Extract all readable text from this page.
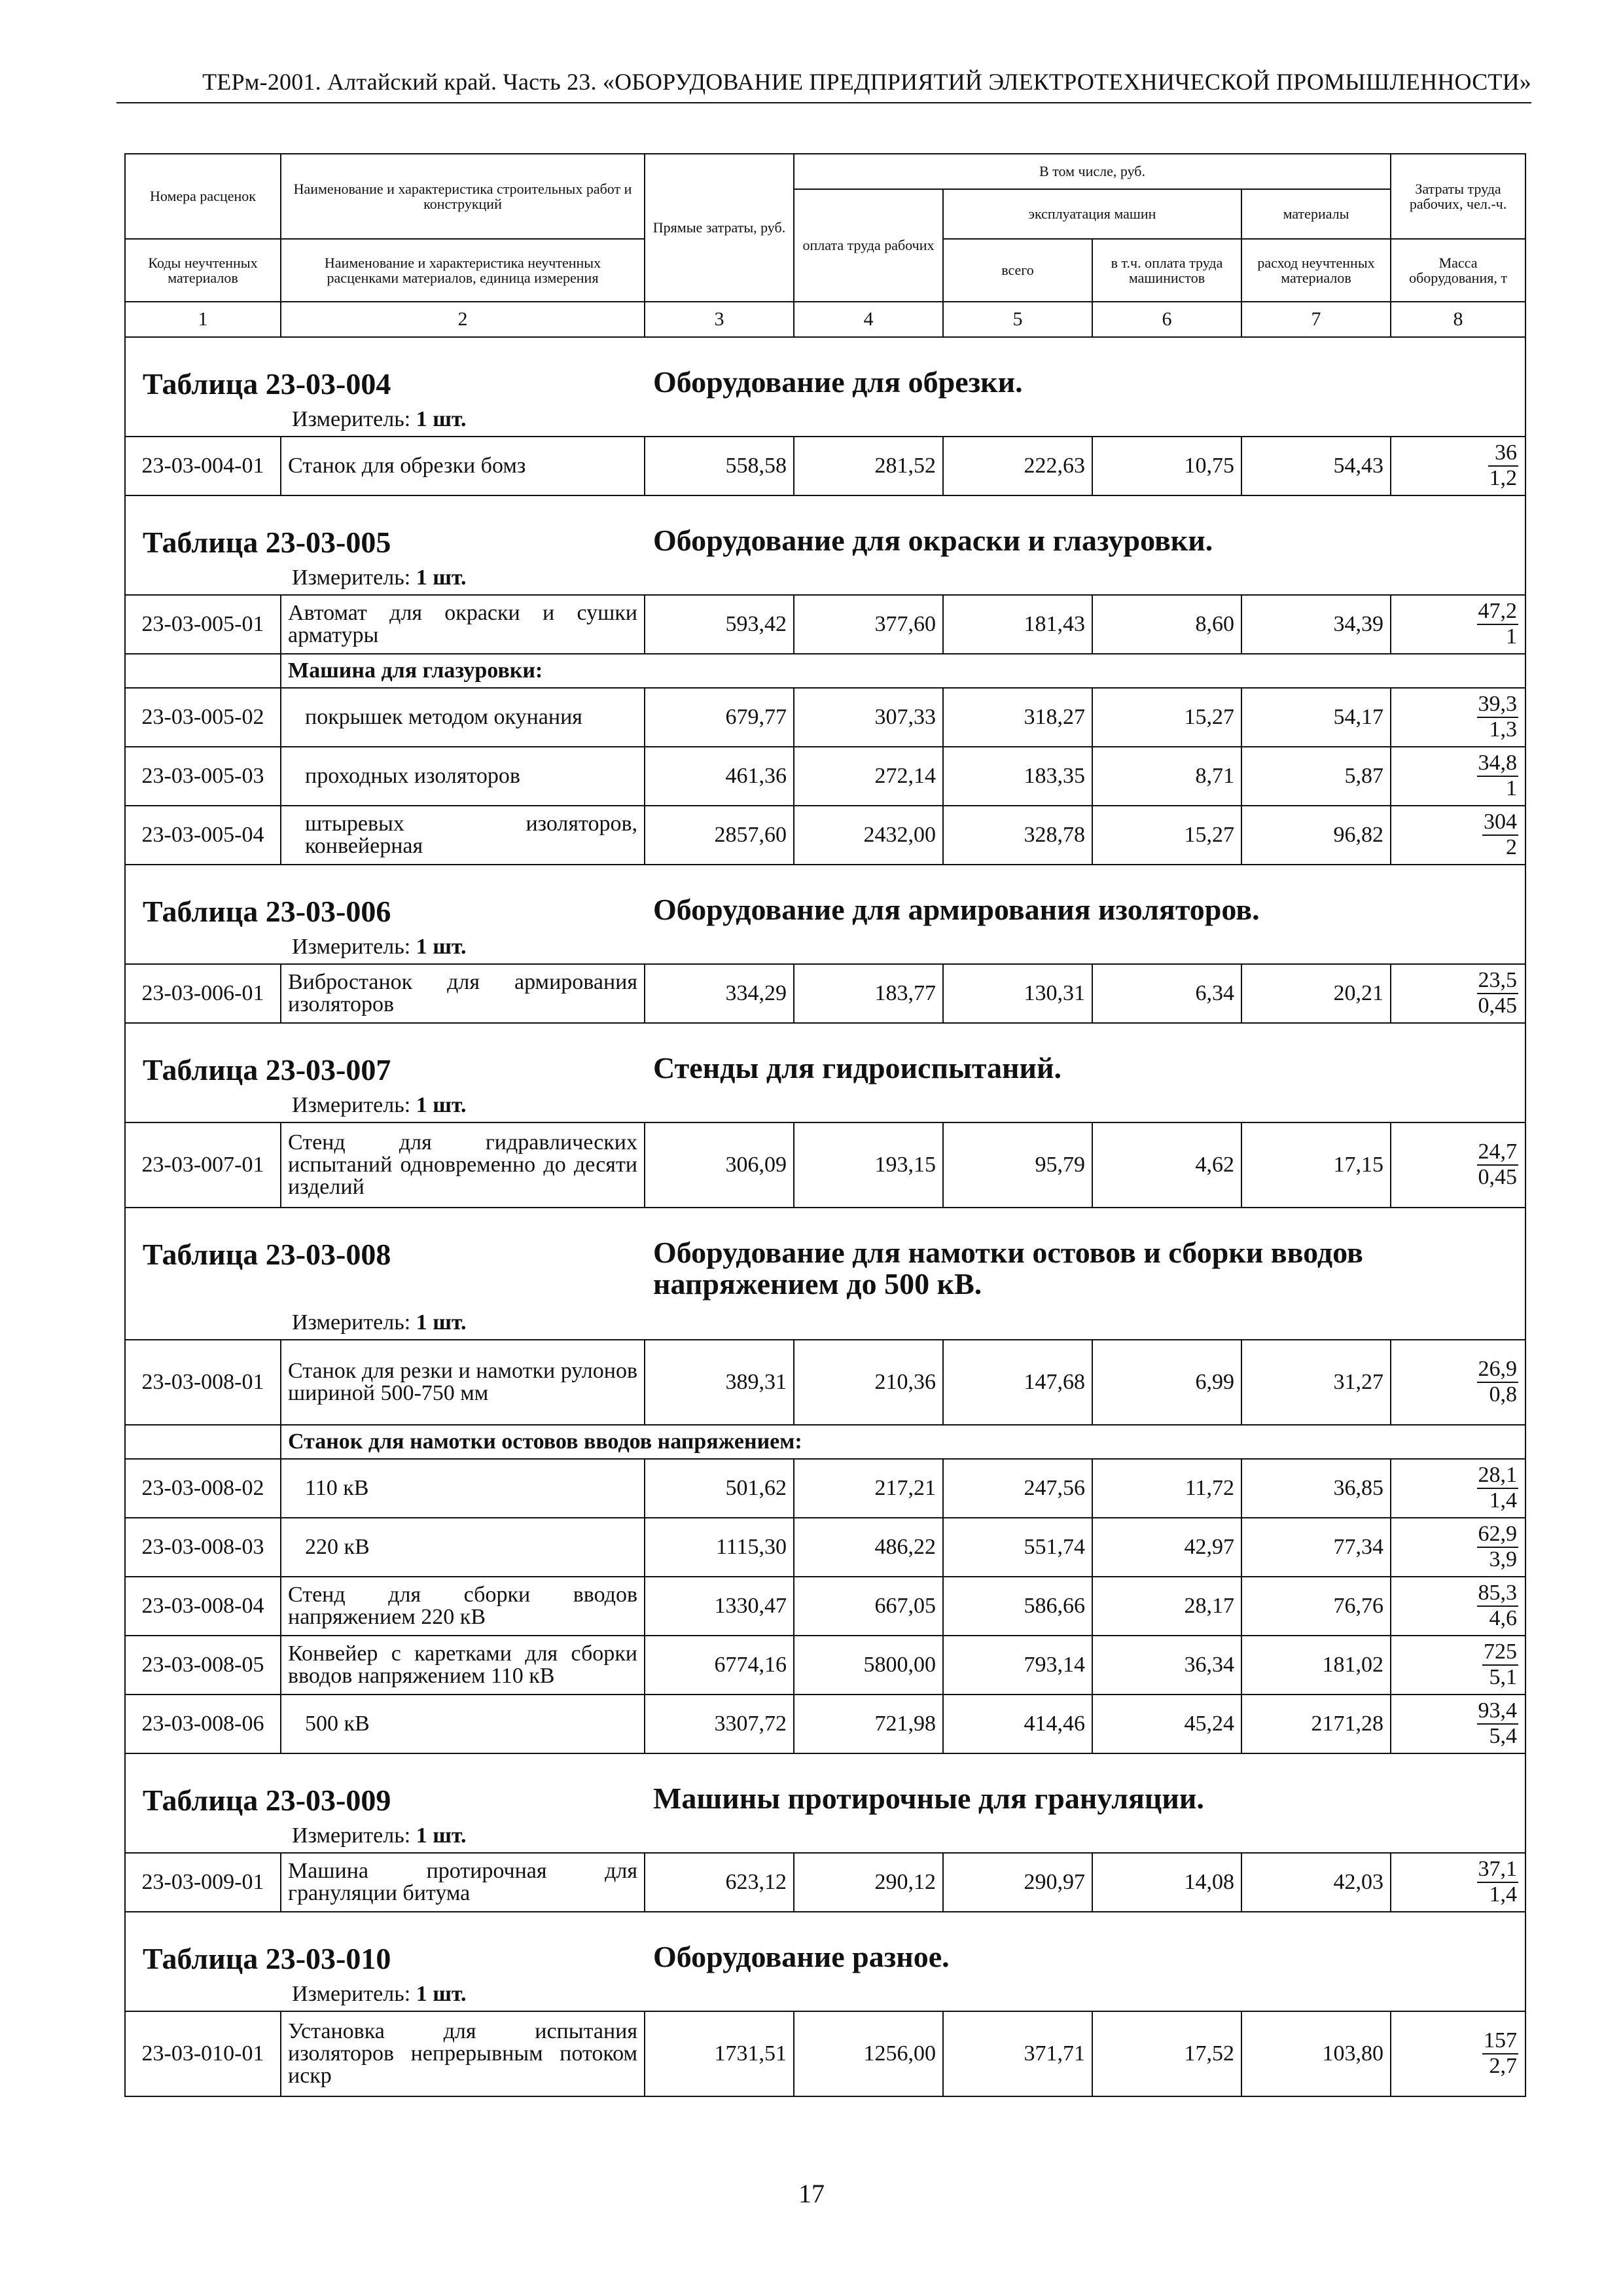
ТЕРм-2001. Алтайский край. Часть 23. «ОБОРУДОВАНИЕ ПРЕДПРИЯТИЙ ЭЛЕКТРОТЕХНИЧЕСКОЙ ПРОМЫШЛЕННОСТИ»
Номера расценок	Наименование и характеристика строительных работ и конструкций	Прямые затраты, руб.	В том числе, руб.				Затраты труда рабочих, чел.-ч.
			оплата труда рабочих	эксплуатация машин		материалы	
Коды неучтенных материалов	Наименование и характеристика неучтенных расценками материалов, единица измерения			всего	в т.ч. оплата труда машинистов	расход неучтенных материалов	Масса оборудования, т
1	2	3	4	5	6	7	8

Таблица 23-03-004 Оборудование для обрезки.
Измеритель: 1 шт.							

23-03-004-01	Станок для обрезки бомз	558,58	281,52	222,63	10,75	54,43	$\frac{36}{1,2}$

Таблица 23-03-005 Оборудование для окраски и глазуровки.
Измеритель: 1 шт.							

23-03-005-01	Автомат для окраски и сушки арматуры	593,42	377,60	181,43	8,60	34,39	$\frac{47,2}{1}$

	Машина для глазуровки:						
23-03-005-02	покрышек методом окунания	679,77	307,33	318,27	15,27	54,17	$\frac{39,3}{1,3}$

23-03-005-03	проходных изоляторов	461,36	272,14	183,35	8,71	5,87	$\frac{34,8}{1}$

23-03-005-04	штыревых изоляторов, конвейерная	2857,60	2432,00	328,78	15,27	96,82	$\frac{304}{2}$

Таблица 23-03-006 Оборудование для армирования изоляторов.
Измеритель: 1 шт.							

23-03-006-01	Вибростанок для армирования изоляторов	334,29	183,77	130,31	6,34	20,21	$\frac{23,5}{0,45}$

Таблица 23-03-007 Стенды для гидроиспытаний.
Измеритель: 1 шт.							

23-03-007-01	Стенд для гидравлических испытаний одновременно до десяти изделий	306,09	193,15	95,79	4,62	17,15	$\frac{24,7}{0,45}$

Таблица 23-03-008 Оборудование для намотки остовов и сборки вводов напряжением до 500 кВ.
Измеритель: 1 шт.							

23-03-008-01	Станок для резки и намотки рулонов шириной 500-750 мм	389,31	210,36	147,68	6,99	31,27	$\frac{26,9}{0,8}$

	Станок для намотки остовов вводов напряжением:						
23-03-008-02	110 кВ	501,62	217,21	247,56	11,72	36,85	$\frac{28,1}{1,4}$

23-03-008-03	220 кВ	1115,30	486,22	551,74	42,97	77,34	$\frac{62,9}{3,9}$

23-03-008-04	Стенд для сборки вводов напряжением 220 кВ	1330,47	667,05	586,66	28,17	76,76	$\frac{85,3}{4,6}$

23-03-008-05	Конвейер с каретками для сборки вводов напряжением 110 кВ	6774,16	5800,00	793,14	36,34	181,02	$\frac{725}{5,1}$

23-03-008-06	500 кВ	3307,72	721,98	414,46	45,24	2171,28	$\frac{93,4}{5,4}$

Таблица 23-03-009 Машины протирочные для грануляции.
Измеритель: 1 шт.							

23-03-009-01	Машина протирочная для грануляции битума	623,12	290,12	290,97	14,08	42,03	$\frac{37,1}{1,4}$

Таблица 23-03-010 Оборудование разное.
Измеритель: 1 шт.							

23-03-010-01	Установка для испытания изоляторов непрерывным потоком искр	1731,51	1256,00	371,71	17,52	103,80	$\frac{157}{2,7}$
17
